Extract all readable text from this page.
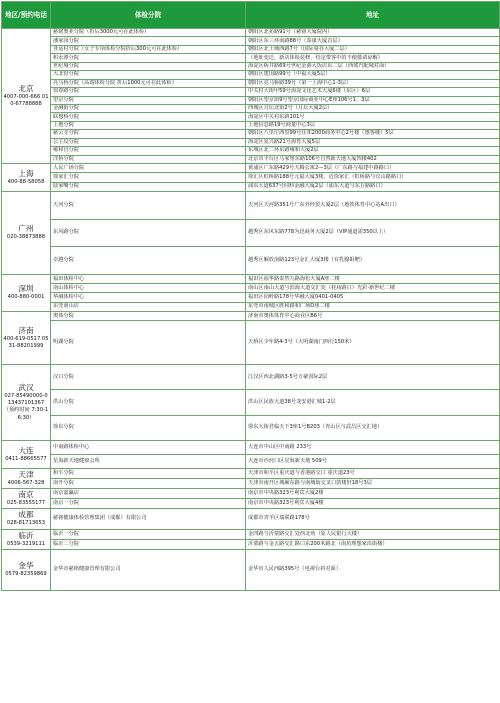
地区/预约电话	体检分院	地址

北京
4007-000-666 010-67788888	慈铭奥亚分院（折后3000元可在此体检）	朝阳区北苑路91号（慈铭大厦院内）
	潘家园分院	朝阳区东三环南路88号（泰康大厦首层）
	亚运村分院（女子专项体检分院折后300元可在此体检）	朝阳区北土城西路7号（国际曼谷大厦二层）
	积水潭分院	（地址变迁，新店体检装修，结定带客中的不便敬请谅解）
	世纪城分院	海淀区板井路69号世纪金源大饭店东二层（西郊汽配城对面）
	大北窑分院	朝阳区建国路99号（中福大厦5层）
	亮马桥分院（高端体检分院 折后1000元可在此体检）	朝阳区亮马桥路39号（第一上海中心1-3层）
	知春路分院	中关村大街甲59号海淀文化艺术大厦6楼（东区）6层
	望京分院	朝阳区望京街9号望京国际商业中心E座106号1、3层
	金融街分院	西城区月坛北街2号（月坛大厦2层）
	联想桥分院	海淀区中关村东路101号
	上地分院	上地信息路19号商量中心3层
	慈云寺分院	朝阳区八里庄西里99号住邦2000商务中心2号楼（惠客楼）5层
	公主坟分院	海淀区复兴路21号海育大厦5层
	雍和宫分院	东城区北二环东路雍和大厦2层
	洋桥分院	北京市丰台区马家堡东路106号自然新天地大厦四楼402

上海
400-88-58058	人民广场分院	黄浦区广东路429号天腾公寓2—3层（广东路与福建中路路口）
	徐家汇分院	徐汇区虹桥路188号元福大厦3楼，近徐家汇（虹桥路与宜山路路口）
	陆家嘴分院	浦东大道637号同科金融大厦2层（浦东大道与东方路路口）

广州
020-38873888	天河分院	天河区天河路351号广东外经贸大厦2层（地铁体育中心站A出口）
	东风路分院	越秀区东风东路778为迅商务大厦2层（VIP通道需350以上）
	卓越分院	越秀区解放南路123号金汇大厦3楼（有乳腺钼靶）

深圳
400-880-0001	福田体检中心	福田区福华路泰然九路海松大厦A座二楼
	南山体检中心	南山区南山大道与滨海大道交汇处（桂庙路口）光彩·新世纪二楼
	华融体检中心	福田区园岭路178号华融大厦0401-0405
	东莞南山店	东莞市南城区胜和路和广场D座二楼

济南
400-619-0517 0531-88201999	奥体分院	济南市奥体体育中心商业区B6号
	明湖分院	天桥区少年路4-3号（大明湖南门西行150米）

武汉
027-85490000-0 13437101367 （预约时间 7:30-16:30）	汉口分院	江汉区西北湖路3-5号万豪国际2层
	洪山分院	洪山区民族大道38号龙安港汇城1-2层
	徐东分院	徐东大街君临天下3座1号B203（青山区与武昌区交汇地）

大连
0411-88665577	中南路体检中心	大连市中山区中南路 233号
	星海新天地健康会所	大连市沙河口区星海新天地 509号

天津
4006-567-328	和平分院	天津市和平区重庆道与香港路交口 重庆道23号
	南开分院	天津市南开区城厢东路与南城街交叉口鼓楼轩18号3层

南京
025-83555177	南京嘉瀛店	南京市中央路323号利宾大厦2楼
	南京一分院	南京市中央路323号利宾大厦4楼

成都
028-81713653	慈铭健康体检管理集团（成都）有限公司	成都市青羊区瑞联路178号

临沂
0539-3219111	临沂一分院	金四路与沂蒙路交汇处西北角（原人民银行大楼）
	临沂二分院	沂蒙路与金五路交汇路口东200米路北（南坊理想家沿街楼）

金华
0579-82359869	金华市慈铭健康管理有限公司	金华市人民西路395号（电视台斜对面）
